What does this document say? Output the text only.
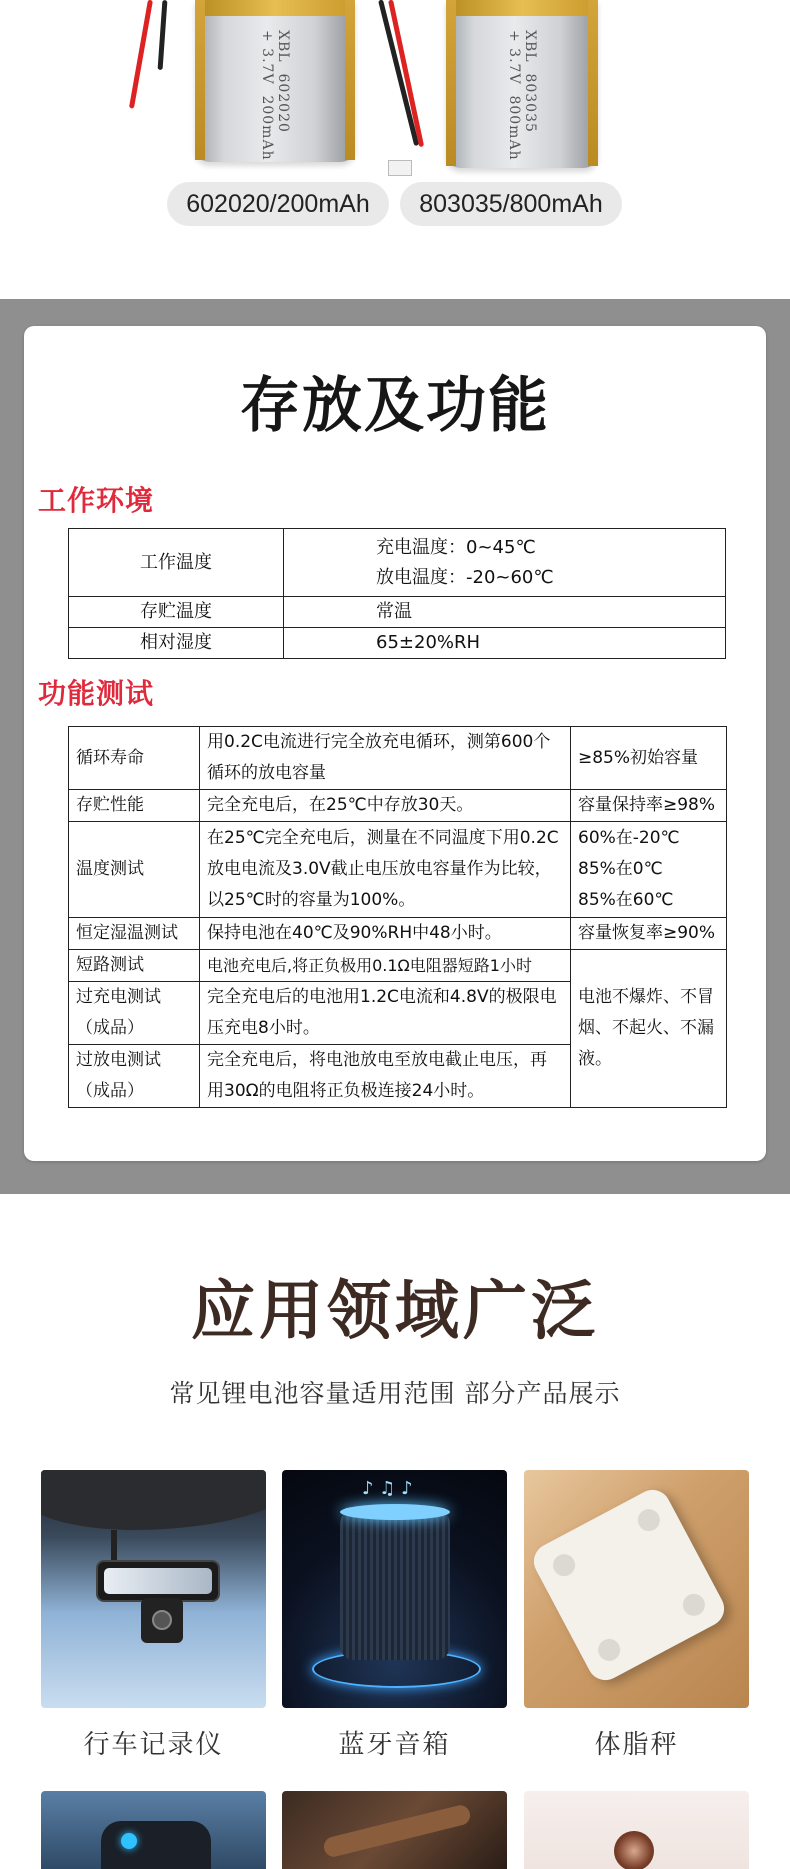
XBL  602020
+ 3.7V  200mAh
XBL  803035
+ 3.7V  800mAh
602020/200mAh	803035/800mAh
存放及功能
工作环境
工作温度	充电温度：0~45℃
放电温度：-20~60℃

存贮温度	常温
相对湿度	65±20%RH
功能测试
循环寿命	用0.2C电流进行完全放充电循环，测第600个循环的放电容量	≥85%初始容量
存贮性能	完全充电后，在25℃中存放30天。	容量保持率≥98%
温度测试	在25℃完全充电后，测量在不同温度下用0.2C放电电流及3.0V截止电压放电容量作为比较，以25℃时的容量为100%。	60%在-20℃
85%在0℃
85%在60℃
恒定湿温测试	保持电池在40℃及90%RH中48小时。	容量恢复率≥90%
短路测试	电池充电后,将正负极用0.1Ω电阻器短路1小时	电池不爆炸、不冒烟、不起火、不漏液。
过充电测试（成品）	完全充电后的电池用1.2C电流和4.8V的极限电压充电8小时。	
过放电测试（成品）	完全充电后，将电池放电至放电截止电压，再用30Ω的电阻将正负极连接24小时。	
应用领域广泛
常见锂电池容量适用范围 部分产品展示
行车记录仪
♪ ♫ ♪
蓝牙音箱	体脂秤
